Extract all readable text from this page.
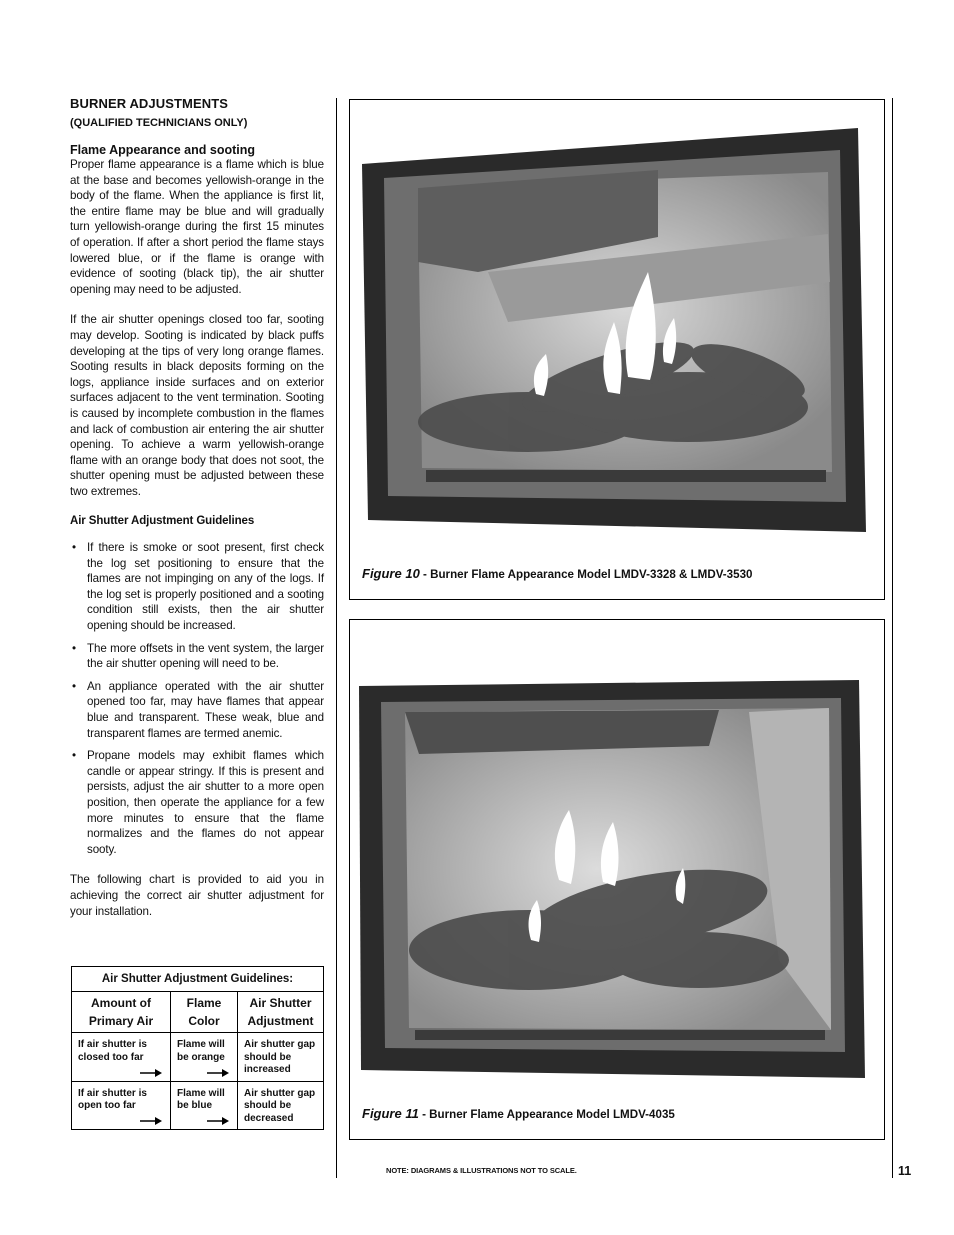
BURNER ADJUSTMENTS
(QUALIFIED TECHNICIANS ONLY)
Flame Appearance and sooting

Proper flame appearance is a flame which is blue at the base and becomes yellowish-orange in the body of the flame. When the appliance is first lit, the entire flame may be blue and will gradually turn yellowish-orange during the first 15 minutes of operation. If after a short period the flame stays lowered blue, or if the flame is orange with evidence of sooting (black tip), the air shutter opening may need to be adjusted.

If the air shutter openings closed too far, sooting may develop. Sooting is indicated by black puffs developing at the tips of very long orange flames. Sooting results in black deposits forming on the logs, appliance inside surfaces and on exterior surfaces adjacent to the vent termination. Sooting is caused by incomplete combustion in the flames and lack of combustion air entering the air shutter opening. To achieve a warm yellowish-orange flame with an orange body that does not soot, the shutter opening must be adjusted between these two extremes.

Air Shutter Adjustment Guidelines
• If there is smoke or soot present, first check the log set positioning to ensure that the flames are not impinging on any of the logs. If the log set is properly positioned and a sooting condition still exists, then the air shutter opening should be increased.
• The more offsets in the vent system, the larger the air shutter opening will need to be.
• An appliance operated with the air shutter opened too far, may have flames that appear blue and transparent. These weak, blue and transparent flames are termed anemic.
• Propane models may exhibit flames which candle or appear stringy. If this is present and persists, adjust the air shutter to a more open position, then operate the appliance for a few more minutes to ensure that the flame normalizes and the flames do not appear sooty.

The following chart is provided to aid you in achieving the correct air shutter adjustment for your installation.

Air Shutter Adjustment Guidelines:		
Amount of Primary Air	Flame Color	Air Shutter Adjustment
If air shutter is closed too far	Flame will be orange	Air shutter gap should be increased
If air shutter is open too far	Flame will be blue	Air shutter gap should be decreased
Figure 10 - Burner Flame Appearance Model LMDV-3328 & LMDV-3530
Figure 11 - Burner Flame Appearance Model LMDV-4035
NOTE: DIAGRAMS & ILLUSTRATIONS NOT TO SCALE.	11
